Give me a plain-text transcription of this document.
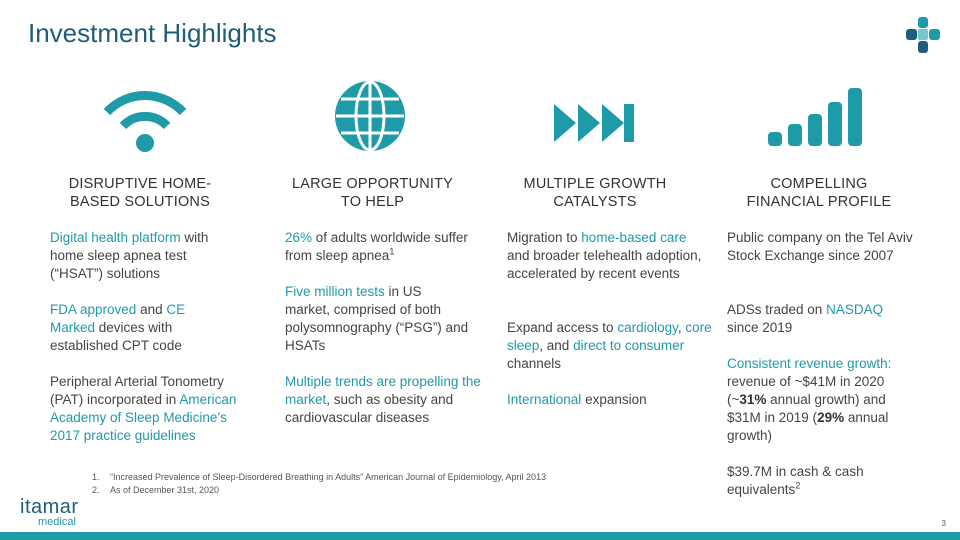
Investment Highlights
DISRUPTIVE HOME-
BASED SOLUTIONS
LARGE OPPORTUNITY
TO HELP
MULTIPLE GROWTH
CATALYSTS
COMPELLING
FINANCIAL PROFILE
Digital health platform with home sleep apnea test (“HSAT”) solutions
FDA approved and CE Marked devices with established CPT code
Peripheral Arterial Tonometry (PAT) incorporated in American Academy of Sleep Medicine’s 2017 practice guidelines
26% of adults worldwide suffer from sleep apnea$^1$
Five million tests in US market, comprised of both polysomnography (“PSG”) and HSATs
Multiple trends are propelling the market, such as obesity and cardiovascular diseases
Migration to home-based care and broader telehealth adoption, accelerated by recent events
Expand access to cardiology, core sleep, and direct to consumer channels
International expansion
Public company on the Tel Aviv Stock Exchange since 2007
ADSs traded on NASDAQ since 2019
Consistent revenue growth: revenue of ~$41M in 2020 (~31% annual growth) and $31M in 2019 (29% annual growth)
$39.7M in cash & cash equivalents$^2$
1. “Increased Prevalence of Sleep-Disordered Breathing in Adults” American Journal of Epidemiology, April 2013
2. As of December 31st, 2020
itamar
medical	3
